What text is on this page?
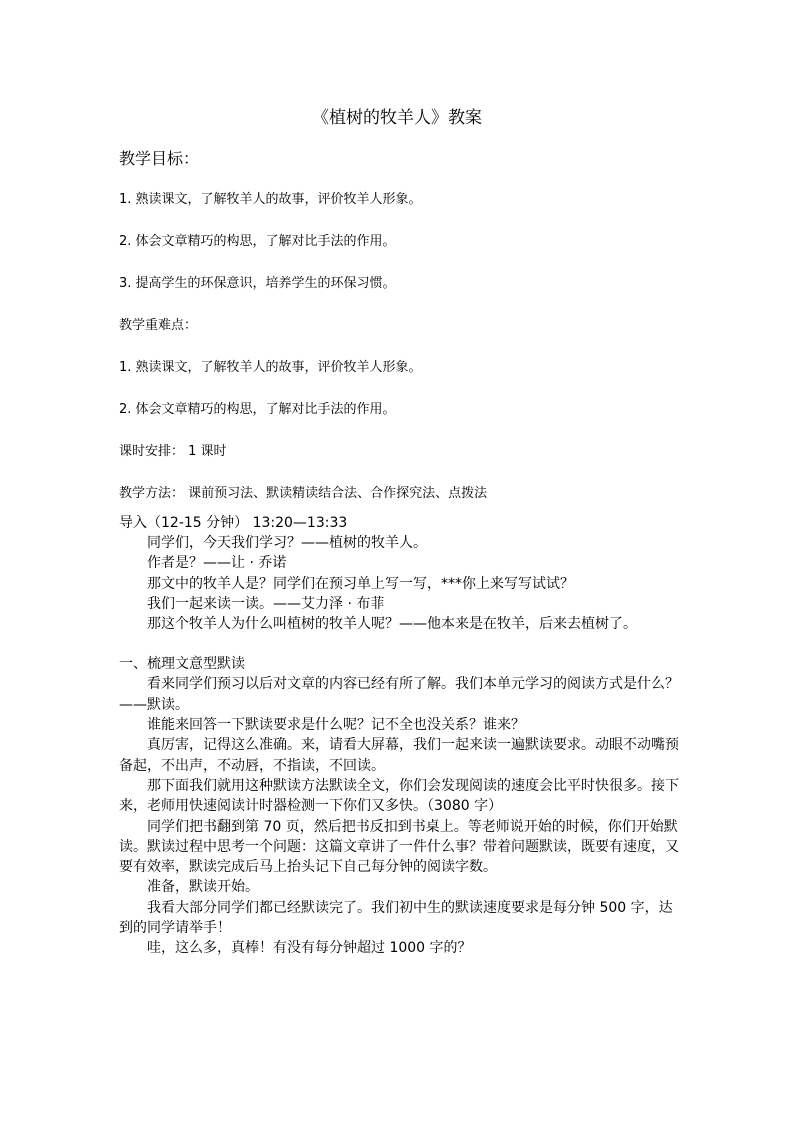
《植树的牧羊人》教案
教学目标：
1. 熟读课文，了解牧羊人的故事，评价牧羊人形象。
2. 体会文章精巧的构思，了解对比手法的作用。
3. 提高学生的环保意识，培养学生的环保习惯。
教学重难点：
1. 熟读课文，了解牧羊人的故事，评价牧羊人形象。
2. 体会文章精巧的构思，了解对比手法的作用。
课时安排： 1 课时
教学方法： 课前预习法、默读精读结合法、合作探究法、点拨法
导入（12-15 分钟） 13:20—13:33
同学们，今天我们学习？——植树的牧羊人。
作者是？——让 · 乔诺
那文中的牧羊人是？同学们在预习单上写一写，***你上来写写试试？
我们一起来读一读。——艾力泽 · 布菲
那这个牧羊人为什么叫植树的牧羊人呢？——他本来是在牧羊，后来去植树了。
一、梳理文意型默读
看来同学们预习以后对文章的内容已经有所了解。我们本单元学习的阅读方式是什么？——默读。
谁能来回答一下默读要求是什么呢？记不全也没关系？谁来？
真厉害，记得这么准确。来，请看大屏幕，我们一起来读一遍默读要求。动眼不动嘴预备起，不出声，不动唇，不指读，不回读。
那下面我们就用这种默读方法默读全文，你们会发现阅读的速度会比平时快很多。接下来，老师用快速阅读计时器检测一下你们又多快。（3080 字）
同学们把书翻到第 70 页，然后把书反扣到书桌上。等老师说开始的时候，你们开始默读。默读过程中思考一个问题：这篇文章讲了一件什么事？带着问题默读，既要有速度，又要有效率，默读完成后马上抬头记下自己每分钟的阅读字数。
准备，默读开始。
我看大部分同学们都已经默读完了。我们初中生的默读速度要求是每分钟 500 字，达到的同学请举手！
哇，这么多，真棒！有没有每分钟超过 1000 字的？
